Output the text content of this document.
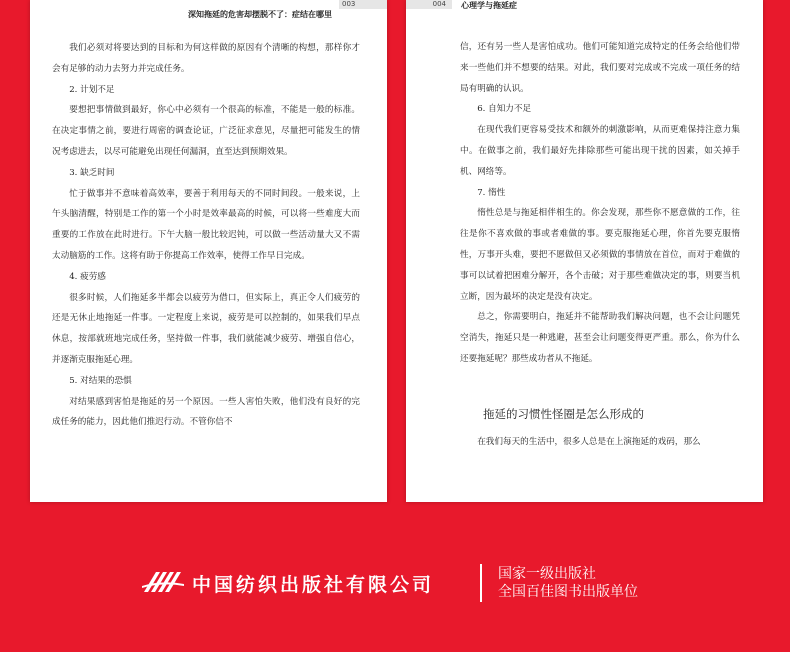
深知拖延的危害却摆脱不了：症结在哪里
003

我们必须对将要达到的目标和为何这样做的原因有个清晰的构想，那样你才会有足够的动力去努力并完成任务。

2. 计划不足

要想把事情做到最好，你心中必须有一个很高的标准，不能是一般的标准。在决定事情之前，要进行周密的调查论证，广泛征求意见，尽量把可能发生的情况考虑进去，以尽可能避免出现任何漏洞，直至达到预期效果。

3. 缺乏时间

忙于做事并不意味着高效率，要善于利用每天的不同时间段。一般来说，上午头脑清醒，特别是工作的第一个小时是效率最高的时候，可以将一些难度大而重要的工作放在此时进行。下午大脑一般比较迟钝，可以做一些活动量大又不需太动脑筋的工作。这将有助于你提高工作效率，使得工作早日完成。

4. 疲劳感

很多时候，人们拖延多半都会以疲劳为借口，但实际上，真正令人们疲劳的还是无休止地拖延一件事。一定程度上来说，疲劳是可以控制的，如果我们早点休息，按部就班地完成任务，坚持做一件事，我们就能减少疲劳、增强自信心，并逐渐克服拖延心理。

5. 对结果的恐惧

对结果感到害怕是拖延的另一个原因。一些人害怕失败，他们没有良好的完成任务的能力，因此他们推迟行动。不管你信不

004	心理学与拖延症

信，还有另一些人是害怕成功。他们可能知道完成特定的任务会给他们带来一些他们并不想要的结果。对此，我们要对完成或不完成一项任务的结局有明确的认识。

6. 自知力不足

在现代我们更容易受技术和额外的刺激影响，从而更难保持注意力集中。在做事之前，我们最好先排除那些可能出现干扰的因素，如关掉手机、网络等。

7. 惰性

惰性总是与拖延相伴相生的。你会发现，那些你不愿意做的工作，往往是你不喜欢做的事或者难做的事。要克服拖延心理，你首先要克服惰性，万事开头难，要把不愿做但又必须做的事情放在首位，而对于难做的事可以试着把困难分解开，各个击破；对于那些难做决定的事，则要当机立断，因为最坏的决定是没有决定。

总之，你需要明白，拖延并不能帮助我们解决问题，也不会让问题凭空消失，拖延只是一种逃避，甚至会让问题变得更严重。那么，你为什么还要拖延呢？那些成功者从不拖延。

拖延的习惯性怪圈是怎么形成的

在我们每天的生活中，很多人总是在上演拖延的戏码，那么

中国纺织出版社有限公司	国家一级出版社
全国百佳图书出版单位
